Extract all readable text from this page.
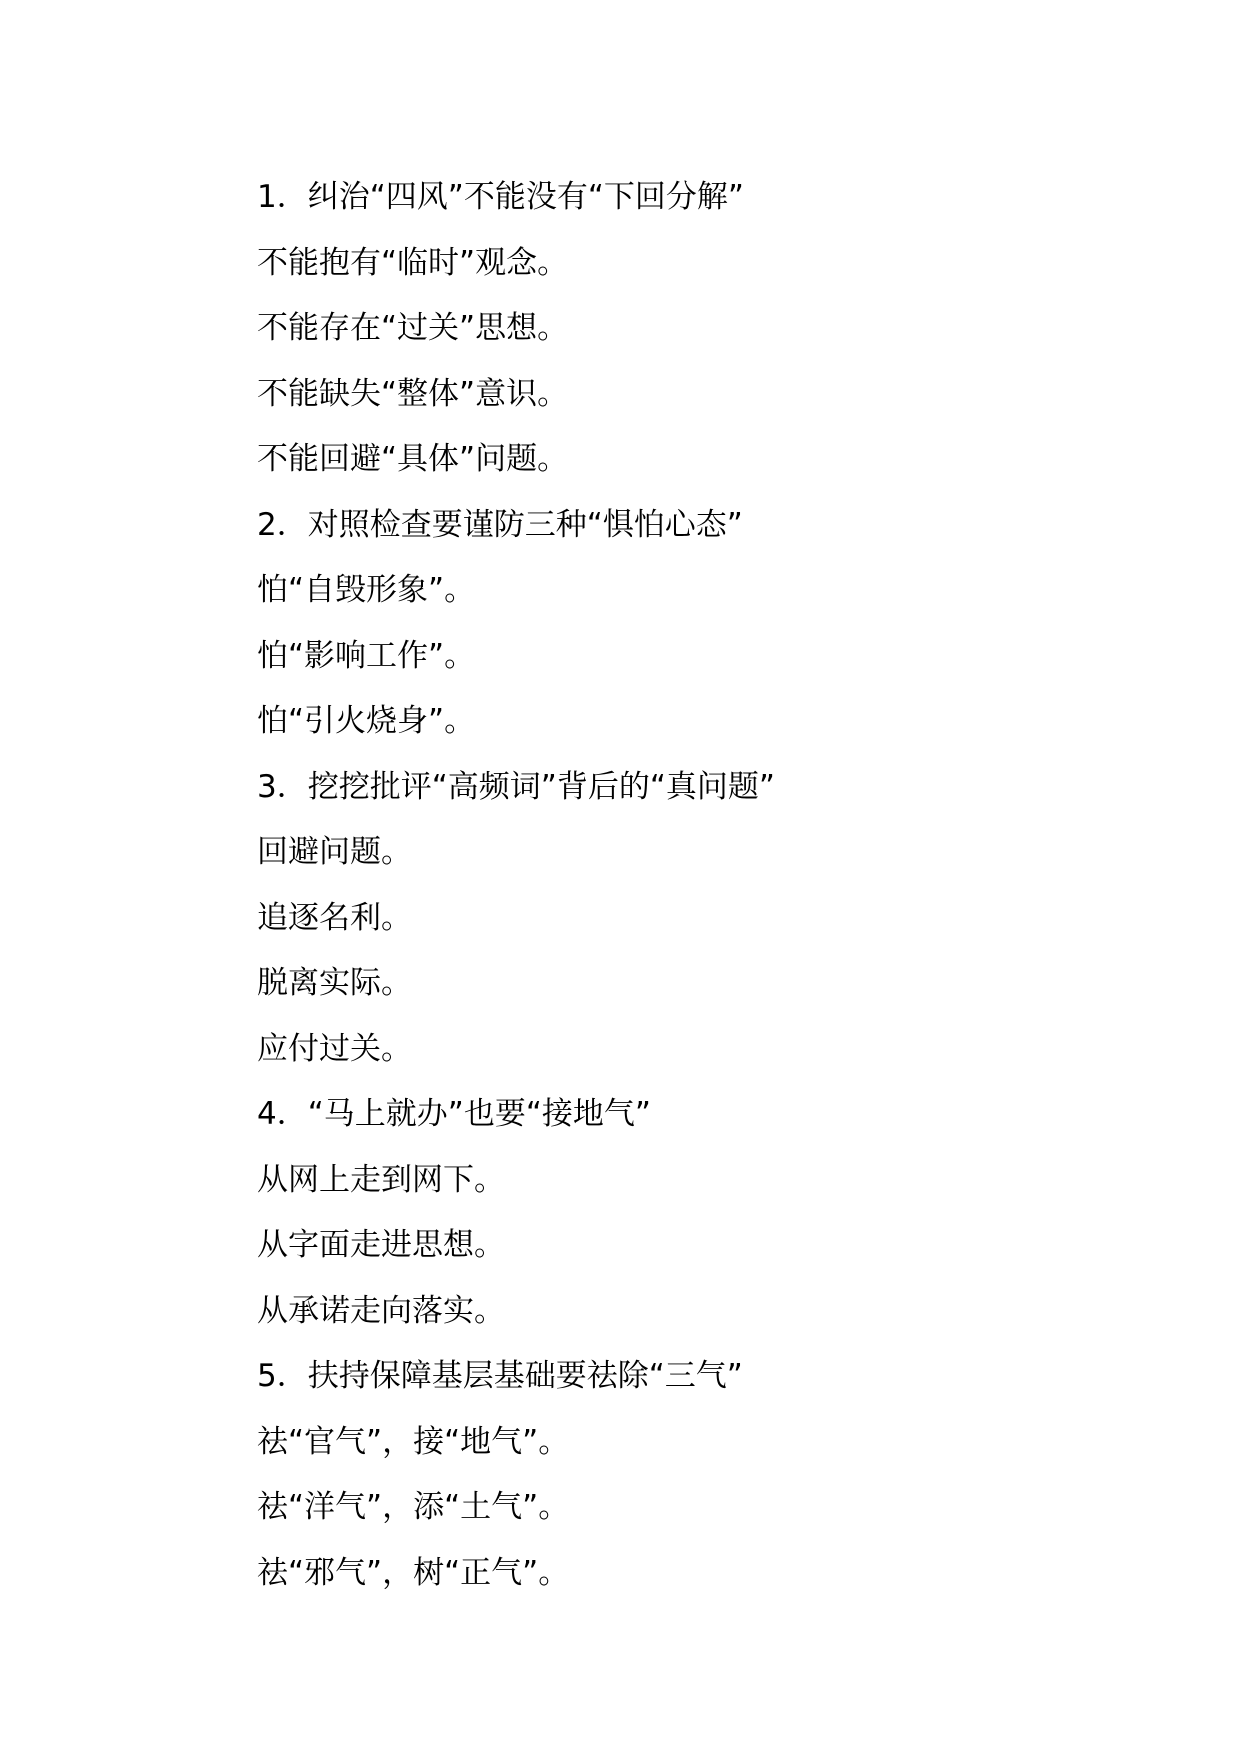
1．纠治“四风”不能没有“下回分解”
不能抱有“临时”观念。
不能存在“过关”思想。
不能缺失“整体”意识。
不能回避“具体”问题。
2．对照检查要谨防三种“惧怕心态”
怕“自毁形象”。
怕“影响工作”。
怕“引火烧身”。
3．挖挖批评“高频词”背后的“真问题”
回避问题。
追逐名利。
脱离实际。
应付过关。
4．“马上就办”也要“接地气”
从网上走到网下。
从字面走进思想。
从承诺走向落实。
5．扶持保障基层基础要祛除“三气”
祛“官气”，接“地气”。
祛“洋气”，添“土气”。
祛“邪气”，树“正气”。
